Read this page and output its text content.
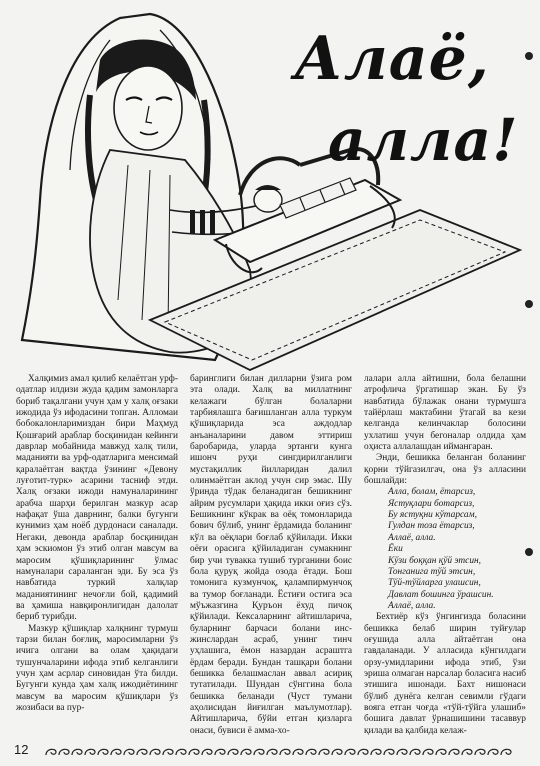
Алаё,
алла!

Халқимиз амал қилиб келаётган урф-одатлар илдизи жуда қадим замонларга бориб тақалгани учун ҳам у халқ оғзаки ижодида ўз ифодасини топган. Алломаи бобокалонларимиздан бири Маҳмуд Қошғарий араблар босқинидан кейинги даврлар мобайнида мавжуд халқ тили, маданияти ва урф-одатларига менсимай қаралаётган вақтда ўзининг «Девону луғотит-турк» асарини тасниф этди. Халқ оғзаки ижоди намуналарининг арабча шарҳи берилган мазкур асар нафақат ўша даврнинг, балки бугунги кунимиз ҳам ноёб дурдонаси саналади. Негаки, девонда араблар босқинидан ҳам эскиомон ўз этиб олган мавсум ва маросим қўшиқларининг ўлмас намуналари сараланган эди. Бу эса ўз навбатида туркий халқлар маданиятининг нечоғли бой, қадимий ва ҳамиша навқиронлигидан далолат бериб турибди.

Мазкур қўшиқлар халқнинг турмуш тарзи билан боғлиқ, маросимларни ўз ичига олгани ва олам ҳақидаги тушунчаларини ифода этиб келганлиги учун ҳам асрлар синовидан ўта билди. Бугунги кунда ҳам халқ ижодиётининг мавсум ва маросим қўшиқлари ўз жозибаси ва пур-

баринглиги билан дилларни ўзига ром эта олади. Халқ ва миллатнинг келажаги бўлган болаларни тарбиялашга бағишланган алла туркум қўшиқларида эса аждодлар анъаналарини давом эттириш баробарида, уларда эртанги кунга ишонч руҳи сингдирилганлиги мустақиллик йилларидан далил олинмаётган аклод учун сир эмас. Шу ўринда тўдак беланадиган бешикнинг айрим русумлари ҳақида икки оғиз сўз. Бешикнинг кўкрак ва оёқ томонларида бович бўлиб, унинг ёрдамида боланинг кўл ва оёқлари боғлаб қўйилади. Икки оёғи орасига қўйиладиган сумакнинг бир учи тувакка тушиб турганини боис бола қуруқ жойда озода ётади. Бош томонига кузмунчоқ, қалампирмунчоқ ва тумор боғланади. Ёстиғи остига эса мўъжазгина Қуръон ёхуд пичоқ қўйилади. Кексаларнинг айтишларича, буларнинг барчаси болани инс-жинслардан асраб, унинг тинч уҳлашига, ёмон назардан асраштга ёрдам беради. Бундан ташқари болани бешикка белашмаслан аввал асириқ тутатилади. Шундан сўнггина бола бешикка беланади (Чуст тумани аҳолисидан йиғилган маълумотлар). Айтишларича, бўйи етган қизларга онаси, бувиси ё амма-хо-

лалари алла айтишни, бола белашни атрофлича ўргатишар экан. Бу ўз навбатида бўлажак онани турмушга тайёрлаш мактабини ўтагай ва кези келганда келинчаклар болосини ухлатиш учун бегоналар олдида ҳам оҳиста аллалашдан иймангаран.

Энди, бешикка беланган боланинг қорни тўйгазилгач, она ўз алласини бошлайди:

Алла, болам, ётарсиз,

Ястуқлари ботарсиз,

Бу ястуқни кўтарсам,

Гулдан тоза ётарсиз,

Аллаё, алла.

Ёки

Кўзи боққан қўй этсин,

Тонганига тўй этсин,

Тўй-тўйларга улашсин,

Давлат бошинга ўрашсин.

Аллаё, алла.

Бехтиёр кўз ўнгингизда боласини бешикка белаб ширин туйғулар оғушида алла айтаётган она гавдаланади. У алласида кўнгилдаги орзу-умидларини ифода этиб, ўзи эриша олмаган нарсалар боласига насиб этишига ишонади. Бахт нишонаси бўлиб дунёга келган севимли гўдаги вояга етган чоғда «тўй-тўйга улашиб» бошига давлат ўрнашишини тасаввур қилади ва қалбида келаж-

12
